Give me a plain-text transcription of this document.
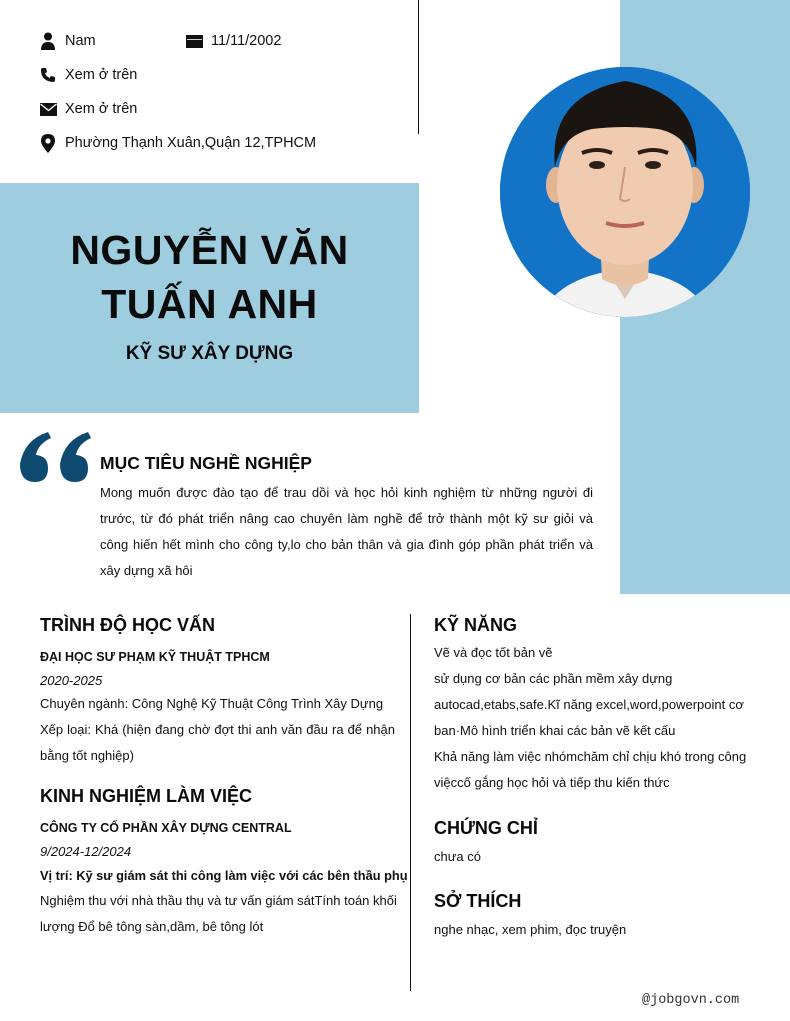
Nam	11/11/2002
Xem ở trên
Xem ở trên
Phường Thạnh Xuân,Quận 12,TPHCM
NGUYỄN VĂN
TUẤN ANH
KỸ SƯ XÂY DỰNG
MỤC TIÊU NGHỀ NGHIỆP
Mong muốn được đào tạo để trau dồi và học hỏi kinh nghiệm từ những người đi trước, từ đó phát triển nâng cao chuyên làm nghề để trở thành một kỹ sư giỏi và công hiến hết mình cho công ty,lo cho bản thân và gia đình góp phần phát triển và xây dựng xã hôi
TRÌNH ĐỘ HỌC VẤN
ĐẠI HỌC SƯ PHẠM KỸ THUẬT TPHCM
2020-2025
Chuyên ngành: Công Nghệ Kỹ Thuật Công Trình Xây Dựng
Xếp loại: Khá (hiện đang chờ đợt thi anh văn đầu ra để nhận bằng tốt nghiệp)
KINH NGHIỆM LÀM VIỆC
CÔNG TY CỔ PHẦN XÂY DỰNG CENTRAL
9/2024-12/2024
Vị trí: Kỹ sư giám sát thi công làm việc với các bên thầu phụ
Nghiệm thu với nhà thầu thụ và tư vấn giám sátTính toán khối lượng Đổ bê tông sàn,dầm, bê tông lót
KỸ NĂNG
Vẽ và đọc tốt bản vẽ
sử dụng cơ bản các phần mềm xây dựng
autocad,etabs,safe.Kĩ năng excel,word,powerpoint cơ
ban·Mô hình triển khai các bản vẽ kết cấu
Khả năng làm việc nhómchăm chỉ chịu khó trong công
việccố gắng học hỏi và tiếp thu kiến thức
CHỨNG CHỈ
chưa có
SỞ THÍCH
nghe nhạc, xem phim, đọc truyện
@jobgovn.com
